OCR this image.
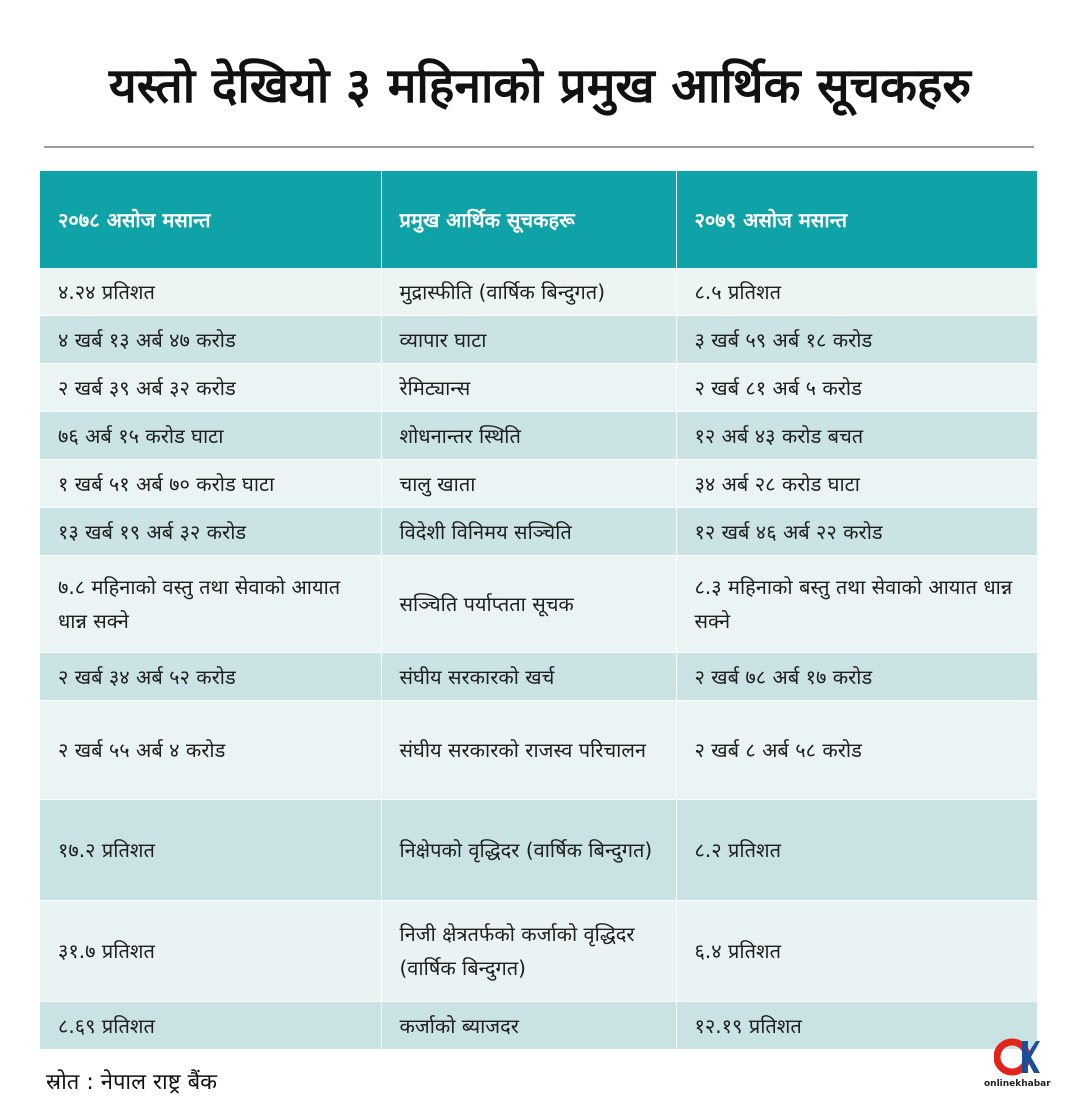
यस्तो देखियो ३ महिनाको प्रमुख आर्थिक सूचकहरु
२०७८ असोज मसान्त	प्रमुख आर्थिक सूचकहरू	२०७९ असोज मसान्त
४.२४ प्रतिशत	मुद्रास्फीति (वार्षिक बिन्दुगत)	८.५ प्रतिशत
४ खर्ब १३ अर्ब ४७ करोड	व्यापार घाटा	३ खर्ब ५९ अर्ब १८ करोड
२ खर्ब ३९ अर्ब ३२ करोड	रेमिट्यान्स	२ खर्ब ८१ अर्ब ५ करोड
७६ अर्ब १५ करोड घाटा	शोधनान्तर स्थिति	१२ अर्ब ४३ करोड बचत
१ खर्ब ५१ अर्ब ७० करोड घाटा	चालु खाता	३४ अर्ब २८ करोड घाटा
१३ खर्ब १९ अर्ब ३२ करोड	विदेशी विनिमय सञ्चिति	१२ खर्ब ४६ अर्ब २२ करोड
७.८ महिनाको वस्तु तथा सेवाको आयात धान्न सक्ने	सञ्चिति पर्याप्तता सूचक	८.३ महिनाको बस्तु तथा सेवाको आयात धान्न सक्ने
२ खर्ब ३४ अर्ब ५२ करोड	संघीय सरकारको खर्च	२ खर्ब ७८ अर्ब १७ करोड
२ खर्ब ५५ अर्ब ४ करोड	संघीय सरकारको राजस्व परिचालन	२ खर्ब ८ अर्ब ५८ करोड
१७.२ प्रतिशत	निक्षेपको वृद्धिदर (वार्षिक बिन्दुगत)	८.२ प्रतिशत
३१.७ प्रतिशत	निजी क्षेत्रतर्फको कर्जाको वृद्धिदर (वार्षिक बिन्दुगत)	६.४ प्रतिशत
८.६९ प्रतिशत	कर्जाको ब्याजदर	१२.१९ प्रतिशत
स्रोत : नेपाल राष्ट्र बैंक	onlinekhabar
